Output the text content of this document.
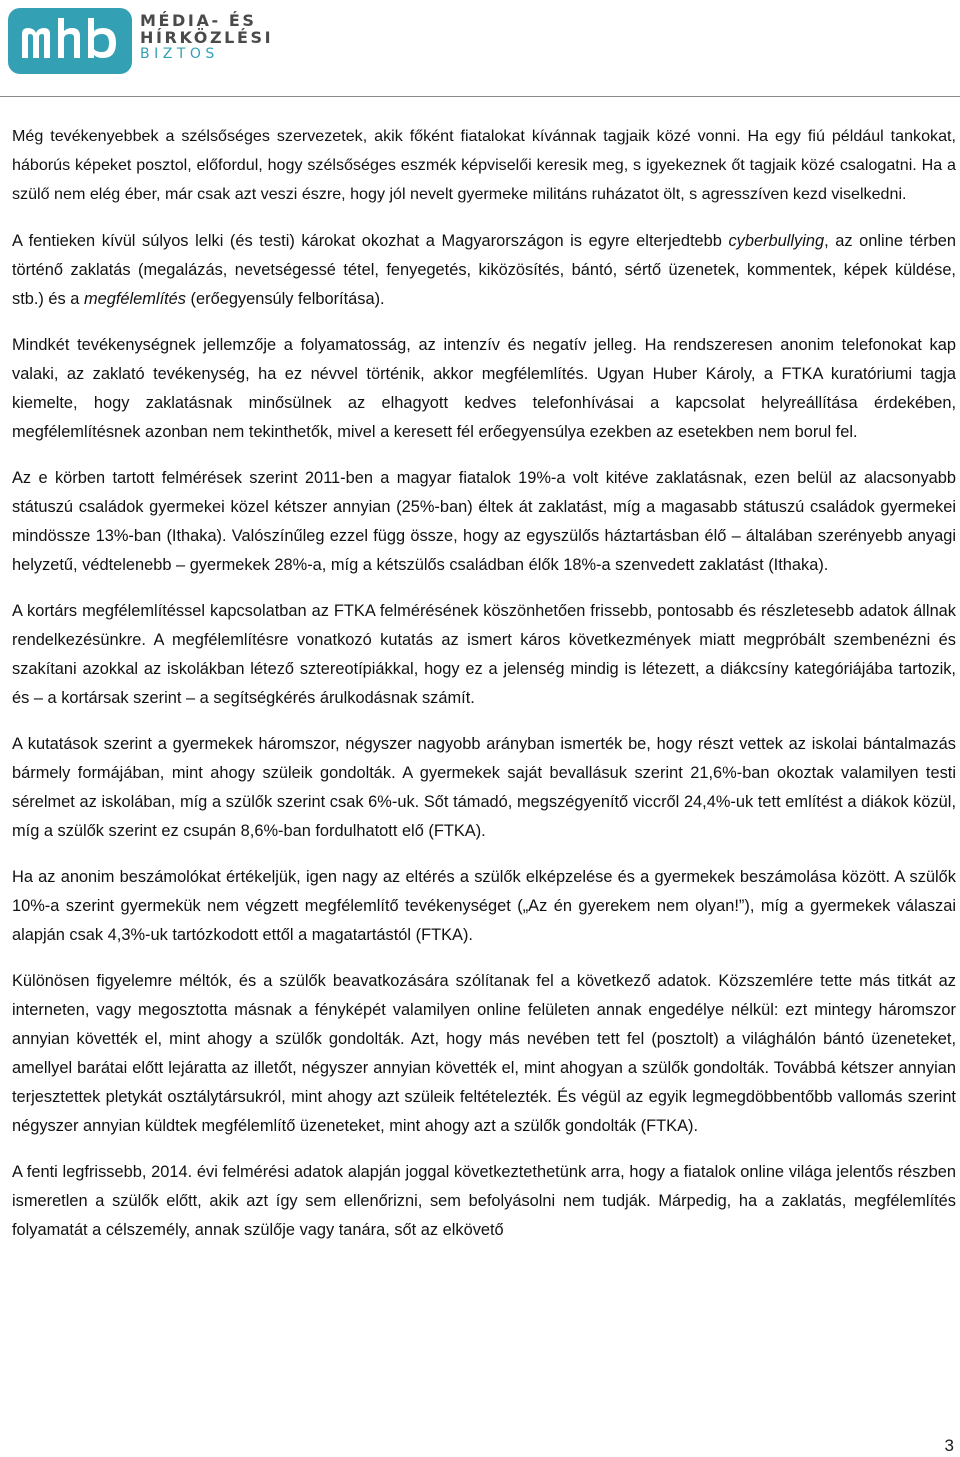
MÉDIA- ÉS
HÍRKÖZLÉSI
BIZTOS

Még tevékenyebbek a szélsőséges szervezetek, akik főként fiatalokat kívánnak tagjaik közé vonni. Ha egy fiú például tankokat, háborús képeket posztol, előfordul, hogy szélsőséges eszmék képviselői keresik meg, s igyekeznek őt tagjaik közé csalogatni. Ha a szülő nem elég éber, már csak azt veszi észre, hogy jól nevelt gyermeke militáns ruházatot ölt, s agresszíven kezd viselkedni.

A fentieken kívül súlyos lelki (és testi) károkat okozhat a Magyarországon is egyre elterjedtebb cyberbullying, az online térben történő zaklatás (megalázás, nevetségessé tétel, fenyegetés, kiközösítés, bántó, sértő üzenetek, kommentek, képek küldése, stb.) és a megfélemlítés (erőegyensúly felborítása).

Mindkét tevékenységnek jellemzője a folyamatosság, az intenzív és negatív jelleg. Ha rendszeresen anonim telefonokat kap valaki, az zaklató tevékenység, ha ez névvel történik, akkor megfélemlítés. Ugyan Huber Károly, a FTKA kuratóriumi tagja kiemelte, hogy zaklatásnak minősülnek az elhagyott kedves telefonhívásai a kapcsolat helyreállítása érdekében, megfélemlítésnek azonban nem tekinthetők, mivel a keresett fél erőegyensúlya ezekben az esetekben nem borul fel.

Az e körben tartott felmérések szerint 2011-ben a magyar fiatalok 19%-a volt kitéve zaklatásnak, ezen belül az alacsonyabb státuszú családok gyermekei közel kétszer annyian (25%-ban) éltek át zaklatást, míg a magasabb státuszú családok gyermekei mindössze 13%-ban (Ithaka). Valószínűleg ezzel függ össze, hogy az egyszülős háztartásban élő – általában szerényebb anyagi helyzetű, védtelenebb – gyermekek 28%-a, míg a kétszülős családban élők 18%-a szenvedett zaklatást (Ithaka).

A kortárs megfélemlítéssel kapcsolatban az FTKA felmérésének köszönhetően frissebb, pontosabb és részletesebb adatok állnak rendelkezésünkre. A megfélemlítésre vonatkozó kutatás az ismert káros következmények miatt megpróbált szembenézni és szakítani azokkal az iskolákban létező sztereotípiákkal, hogy ez a jelenség mindig is létezett, a diákcsíny kategóriájába tartozik, és – a kortársak szerint – a segítségkérés árulkodásnak számít.

A kutatások szerint a gyermekek háromszor, négyszer nagyobb arányban ismerték be, hogy részt vettek az iskolai bántalmazás bármely formájában, mint ahogy szüleik gondolták. A gyermekek saját bevallásuk szerint 21,6%-ban okoztak valamilyen testi sérelmet az iskolában, míg a szülők szerint csak 6%-uk. Sőt támadó, megszégyenítő viccről 24,4%-uk tett említést a diákok közül, míg a szülők szerint ez csupán 8,6%-ban fordulhatott elő (FTKA).

Ha az anonim beszámolókat értékeljük, igen nagy az eltérés a szülők elképzelése és a gyermekek beszámolása között. A szülők 10%-a szerint gyermekük nem végzett megfélemlítő tevékenységet („Az én gyerekem nem olyan!”), míg a gyermekek válaszai alapján csak 4,3%-uk tartózkodott ettől a magatartástól (FTKA).

Különösen figyelemre méltók, és a szülők beavatkozására szólítanak fel a következő adatok. Közszemlére tette más titkát az interneten, vagy megosztotta másnak a fényképét valamilyen online felületen annak engedélye nélkül: ezt mintegy háromszor annyian követték el, mint ahogy a szülők gondolták. Azt, hogy más nevében tett fel (posztolt) a világhálón bántó üzeneteket, amellyel barátai előtt lejáratta az illetőt, négyszer annyian követték el, mint ahogyan a szülők gondolták. Továbbá kétszer annyian terjesztettek pletykát osztálytársukról, mint ahogy azt szüleik feltételezték. És végül az egyik legmegdöbbentőbb vallomás szerint négyszer annyian küldtek megfélemlítő üzeneteket, mint ahogy azt a szülők gondolták (FTKA).

A fenti legfrissebb, 2014. évi felmérési adatok alapján joggal következtethetünk arra, hogy a fiatalok online világa jelentős részben ismeretlen a szülők előtt, akik azt így sem ellenőrizni, sem befolyásolni nem tudják. Márpedig, ha a zaklatás, megfélemlítés folyamatát a célszemély, annak szülője vagy tanára, sőt az elkövető

3
